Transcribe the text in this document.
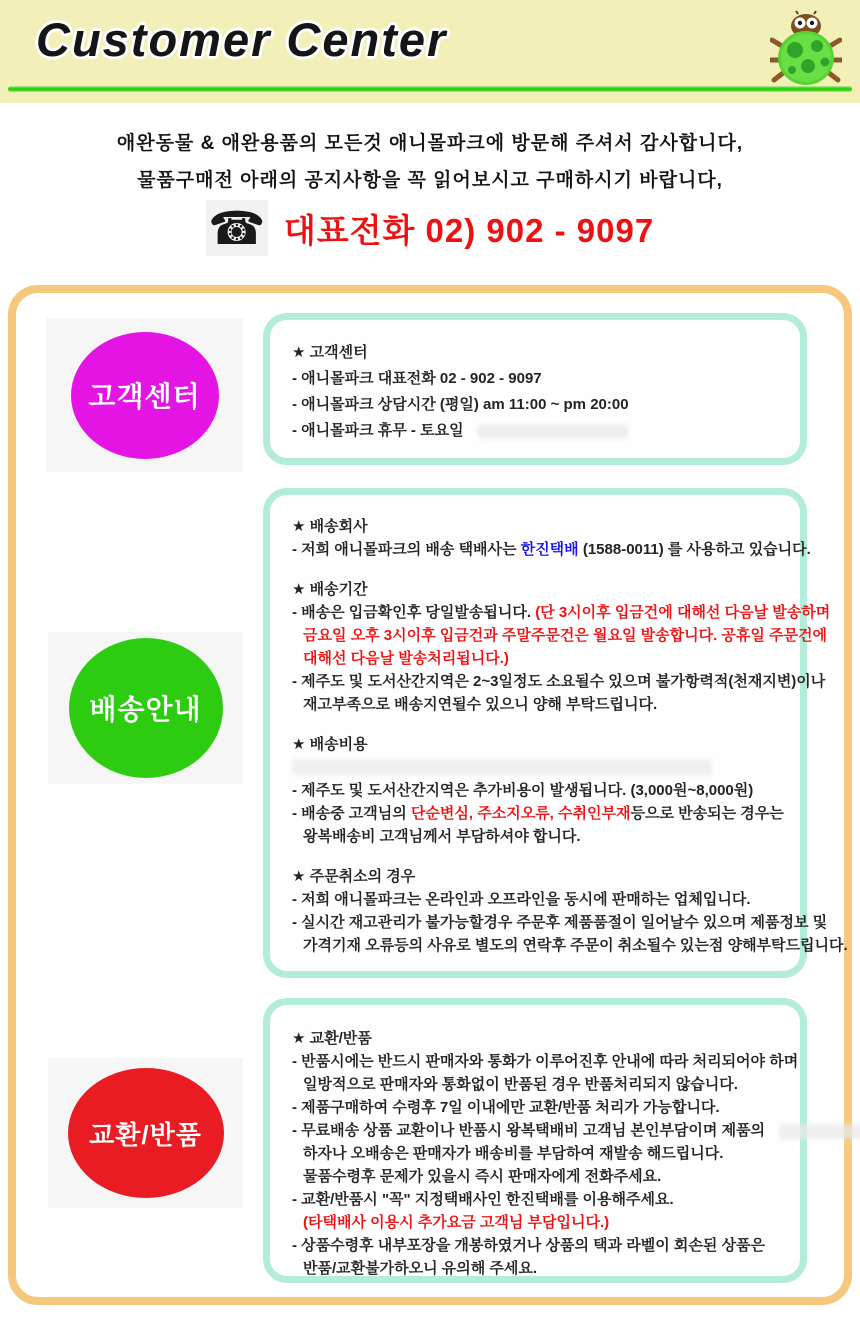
Customer Center
애완동물 & 애완용품의 모든것 애니몰파크에 방문해 주셔서 감사합니다,
물품구매전 아래의 공지사항을 꼭 읽어보시고 구매하시기 바랍니다,
☎ 대표전화 02) 902 - 9097
고객센터
★ 고객센터
- 애니몰파크 대표전화 02 - 902 - 9097
- 애니몰파크 상담시간 (평일) am 11:00 ~ pm 20:00
- 애니몰파크 휴무 - 토요일
배송안내
★ 배송회사
- 저희 애니몰파크의 배송 택배사는 한진택배 (1588-0011) 를 사용하고 있습니다.
★ 배송기간
- 배송은 입금확인후 당일발송됩니다. (단 3시이후 입금건에 대해선 다음날 발송하며
금요일 오후 3시이후 입금건과 주말주문건은 월요일 발송합니다. 공휴일 주문건에
대해선 다음날 발송처리됩니다.)
- 제주도 및 도서산간지역은 2~3일정도 소요될수 있으며 불가항력적(천재지변)이나
재고부족으로 배송지연될수 있으니 양해 부탁드립니다.
★ 배송비용
- 제주도 및 도서산간지역은 추가비용이 발생됩니다. (3,000원~8,000원)
- 배송중 고객님의 단순변심, 주소지오류, 수취인부재등으로 반송되는 경우는
왕복배송비 고객님께서 부담하셔야 합니다.
★ 주문취소의 경우
- 저희 애니몰파크는 온라인과 오프라인을 동시에 판매하는 업체입니다.
- 실시간 재고관리가 불가능할경우 주문후 제품품절이 일어날수 있으며 제품정보 및
가격기재 오류등의 사유로 별도의 연락후 주문이 취소될수 있는점 양해부탁드립니다.
교환/반품
★ 교환/반품
- 반품시에는 반드시 판매자와 통화가 이루어진후 안내에 따라 처리되어야 하며
일방적으로 판매자와 통화없이 반품된 경우 반품처리되지 않습니다.
- 제품구매하여 수령후 7일 이내에만 교환/반품 처리가 가능합니다.
- 무료배송 상품 교환이나 반품시 왕복택배비 고객님 본인부담이며 제품의
하자나 오배송은 판매자가 배송비를 부담하여 재발송 해드립니다.
물품수령후 문제가 있을시 즉시 판매자에게 전화주세요.
- 교환/반품시 "꼭" 지정택배사인 한진택배를 이용해주세요.
(타택배사 이용시 추가요금 고객님 부담입니다.)
- 상품수령후 내부포장을 개봉하였거나 상품의 택과 라벨이 회손된 상품은
반품/교환불가하오니 유의해 주세요.
